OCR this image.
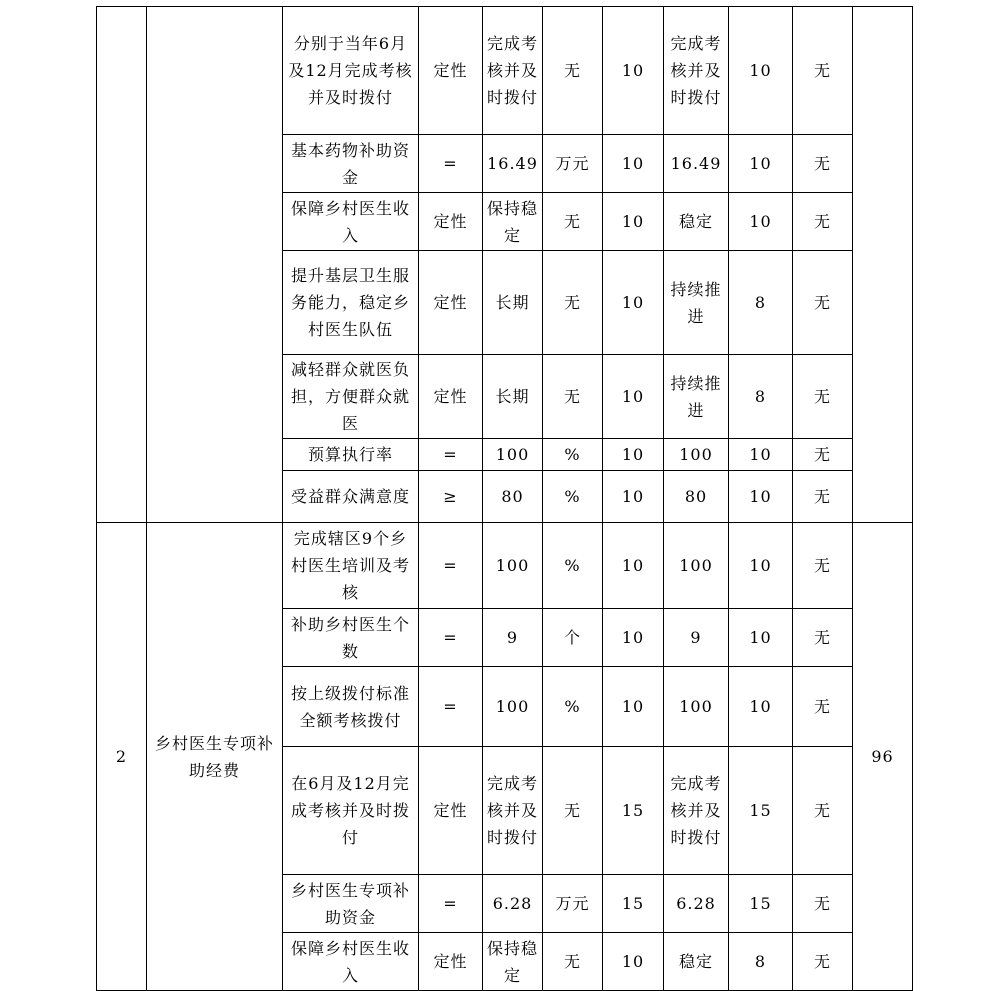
		分别于当年6月及12月完成考核并及时拨付	定性	完成考核并及时拨付	无	10	完成考核并及时拨付	10	无	
		基本药物补助资金	=	16.49	万元	10	16.49	10	无	
		保障乡村医生收入	定性	保持稳定	无	10	稳定	10	无	
		提升基层卫生服务能力，稳定乡村医生队伍	定性	长期	无	10	持续推进	8	无	
		减轻群众就医负担，方便群众就医	定性	长期	无	10	持续推进	8	无	
		预算执行率	=	100	%	10	100	10	无	
		受益群众满意度	≥	80	%	10	80	10	无	
2	乡村医生专项补助经费	完成辖区9个乡村医生培训及考核	=	100	%	10	100	10	无	96
		补助乡村医生个数	=	9	个	10	9	10	无	
		按上级拨付标准全额考核拨付	=	100	%	10	100	10	无	
		在6月及12月完成考核并及时拨付	定性	完成考核并及时拨付	无	15	完成考核并及时拨付	15	无	
		乡村医生专项补助资金	=	6.28	万元	15	6.28	15	无	
		保障乡村医生收入	定性	保持稳定	无	10	稳定	8	无	
